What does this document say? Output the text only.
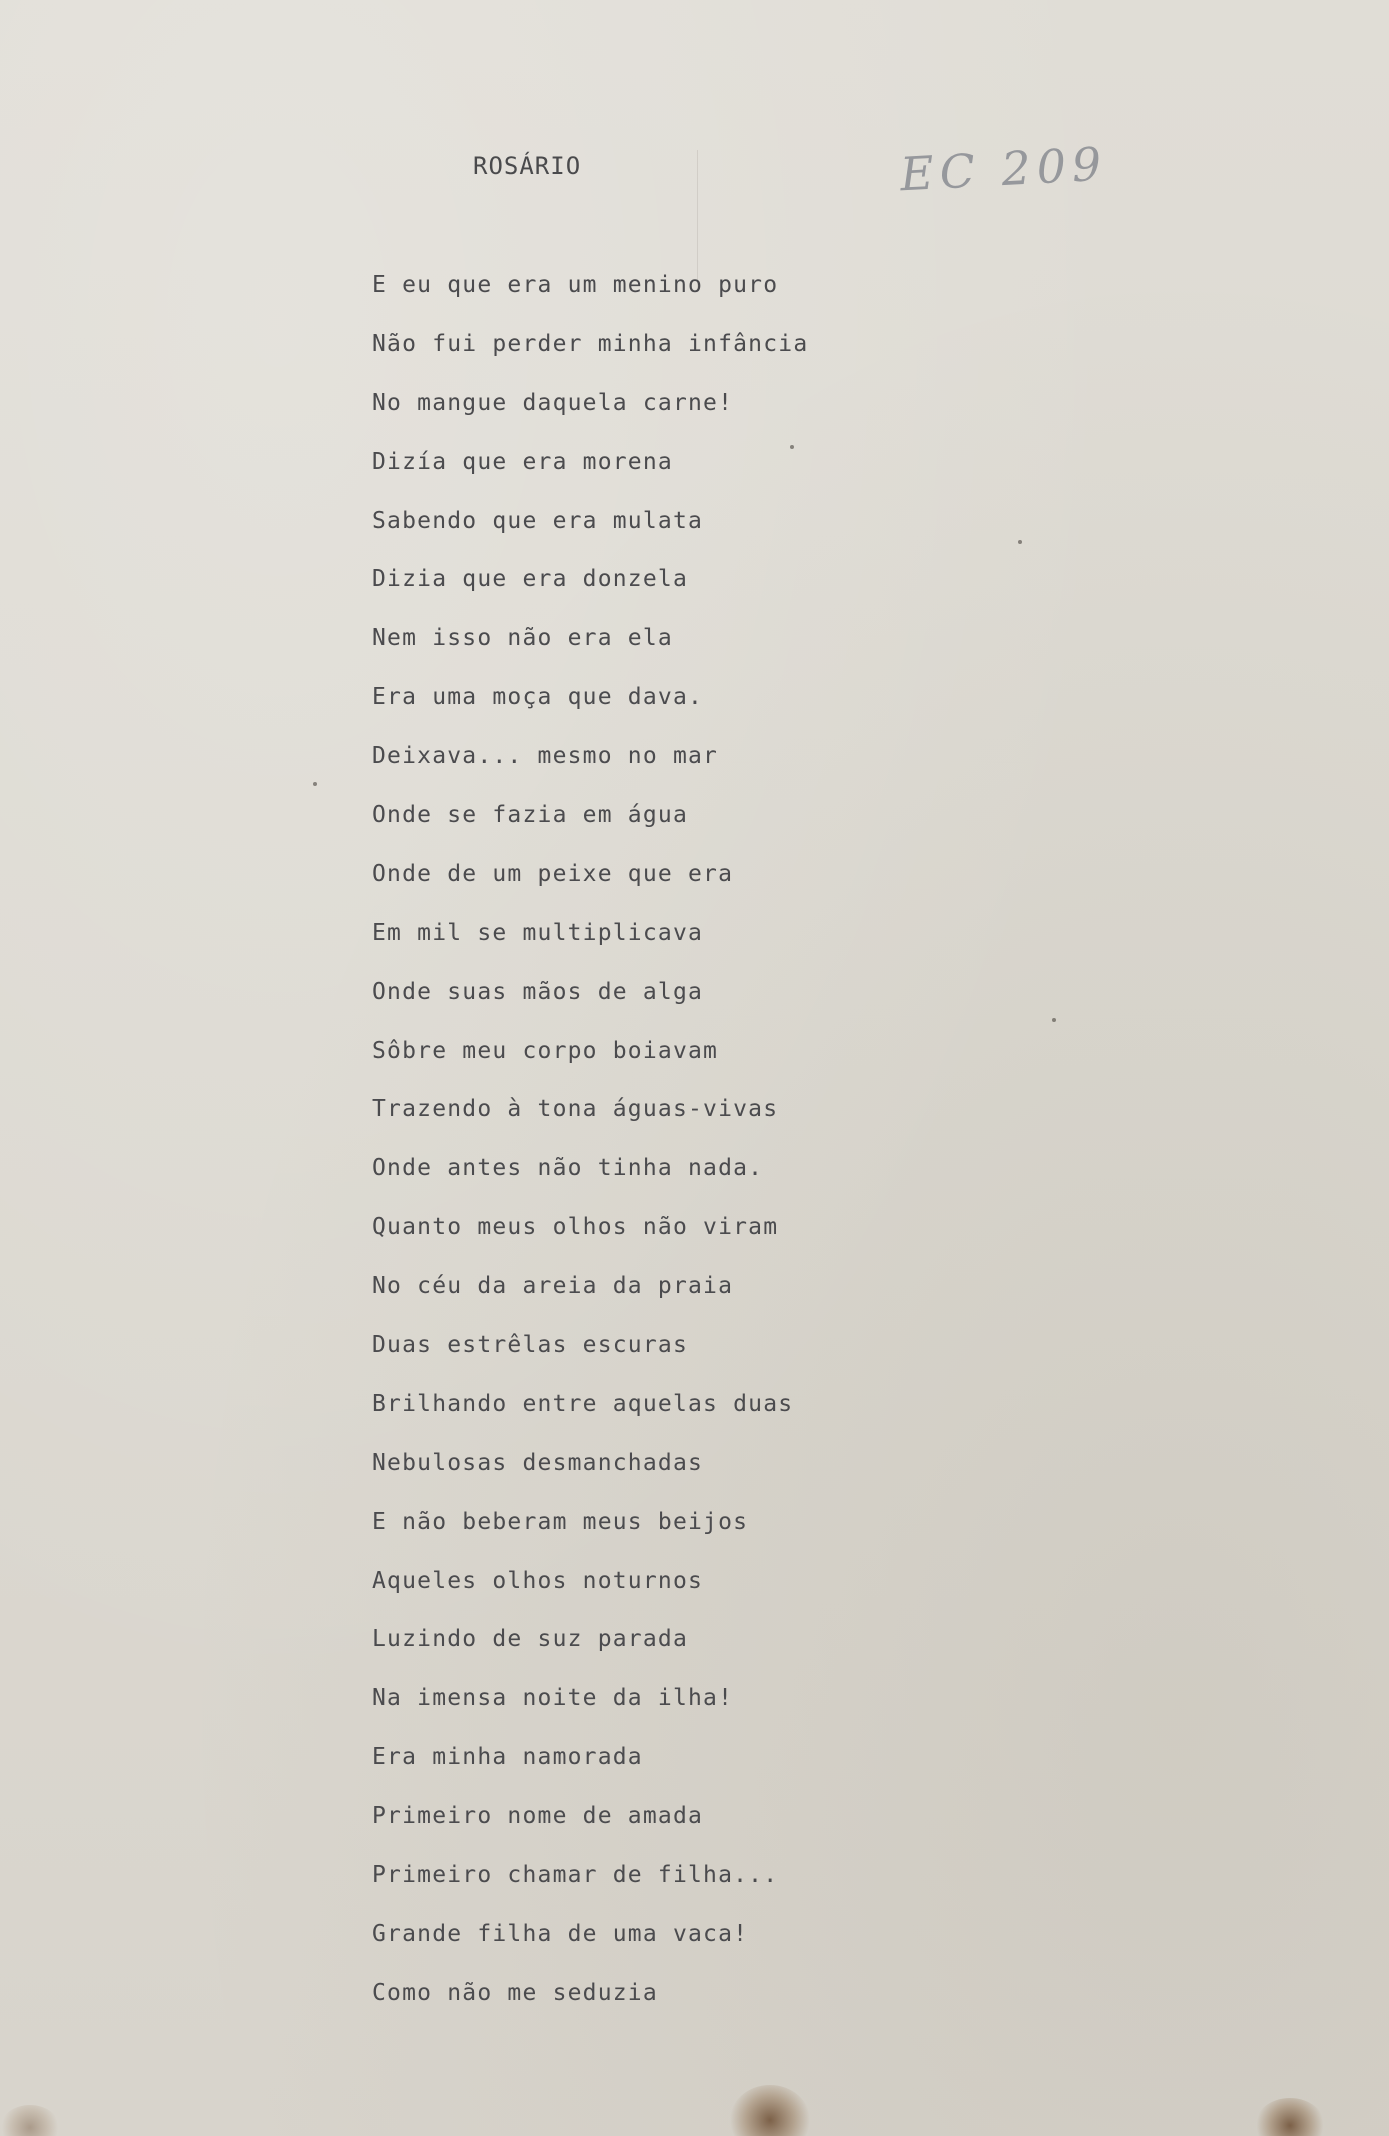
ROSÁRIO	EC 209
E eu que era um menino puro
Não fui perder minha infância
No mangue daquela carne!
Dizía que era morena
Sabendo que era mulata
Dizia que era donzela
Nem isso não era ela
Era uma moça que dava.
Deixava... mesmo no mar
Onde se fazia em água
Onde de um peixe que era
Em mil se multiplicava
Onde suas mãos de alga
Sôbre meu corpo boiavam
Trazendo à tona águas-vivas
Onde antes não tinha nada.
Quanto meus olhos não viram
No céu da areia da praia
Duas estrêlas escuras
Brilhando entre aquelas duas
Nebulosas desmanchadas
E não beberam meus beijos
Aqueles olhos noturnos
Luzindo de suz parada
Na imensa noite da ilha!
Era minha namorada
Primeiro nome de amada
Primeiro chamar de filha...
Grande filha de uma vaca!
Como não me seduzia
